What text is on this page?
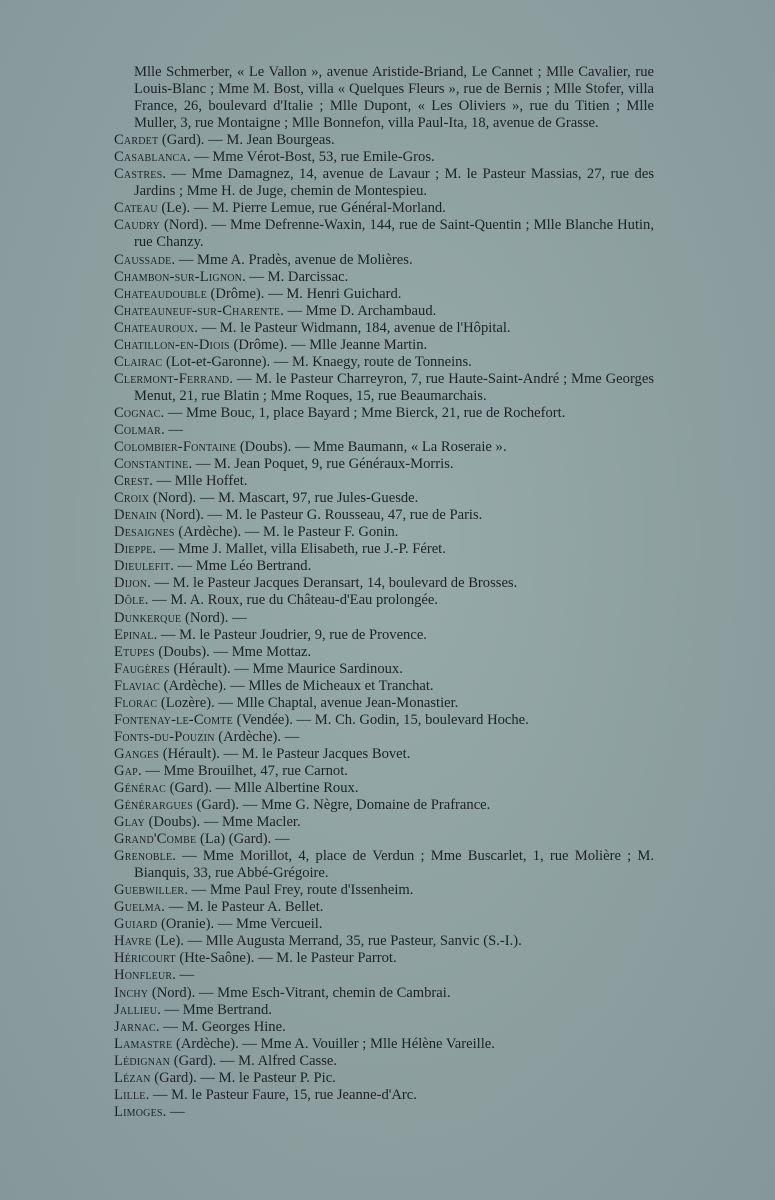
Mlle Schmerber, « Le Vallon », avenue Aristide-Briand, Le Cannet ; Mlle Cavalier, rue Louis-Blanc ; Mme M. Bost, villa « Quelques Fleurs », rue de Bernis ; Mlle Stofer, villa France, 26, boulevard d'Italie ; Mlle Dupont, « Les Oliviers », rue du Titien ; Mlle Muller, 3, rue Montaigne ; Mlle Bonnefon, villa Paul-Ita, 18, avenue de Grasse.

Cardet (Gard). — M. Jean Bourgeas.

Casablanca. — Mme Vérot-Bost, 53, rue Emile-Gros.

Castres. — Mme Damagnez, 14, avenue de Lavaur ; M. le Pasteur Massias, 27, rue des Jardins ; Mme H. de Juge, chemin de Montespieu.

Cateau (Le). — M. Pierre Lemue, rue Général-Morland.

Caudry (Nord). — Mme Defrenne-Waxin, 144, rue de Saint-Quentin ; Mlle Blanche Hutin, rue Chanzy.

Caussade. — Mme A. Pradès, avenue de Molières.

Chambon-sur-Lignon. — M. Darcissac.

Chateaudouble (Drôme). — M. Henri Guichard.

Chateauneuf-sur-Charente. — Mme D. Archambaud.

Chateauroux. — M. le Pasteur Widmann, 184, avenue de l'Hôpital.

Chatillon-en-Diois (Drôme). — Mlle Jeanne Martin.

Clairac (Lot-et-Garonne). — M. Knaegy, route de Tonneins.

Clermont-Ferrand. — M. le Pasteur Charreyron, 7, rue Haute-Saint-André ; Mme Georges Menut, 21, rue Blatin ; Mme Roques, 15, rue Beaumarchais.

Cognac. — Mme Bouc, 1, place Bayard ; Mme Bierck, 21, rue de Rochefort.

Colmar. —

Colombier-Fontaine (Doubs). — Mme Baumann, « La Roseraie ».

Constantine. — M. Jean Poquet, 9, rue Généraux-Morris.

Crest. — Mlle Hoffet.

Croix (Nord). — M. Mascart, 97, rue Jules-Guesde.

Denain (Nord). — M. le Pasteur G. Rousseau, 47, rue de Paris.

Desaignes (Ardèche). — M. le Pasteur F. Gonin.

Dieppe. — Mme J. Mallet, villa Elisabeth, rue J.-P. Féret.

Dieulefit. — Mme Léo Bertrand.

Dijon. — M. le Pasteur Jacques Deransart, 14, boulevard de Brosses.

Dôle. — M. A. Roux, rue du Château-d'Eau prolongée.

Dunkerque (Nord). —

Epinal. — M. le Pasteur Joudrier, 9, rue de Provence.

Etupes (Doubs). — Mme Mottaz.

Faugères (Hérault). — Mme Maurice Sardinoux.

Flaviac (Ardèche). — Mlles de Micheaux et Tranchat.

Florac (Lozère). — Mlle Chaptal, avenue Jean-Monastier.

Fontenay-le-Comte (Vendée). — M. Ch. Godin, 15, boulevard Hoche.

Fonts-du-Pouzin (Ardèche). —

Ganges (Hérault). — M. le Pasteur Jacques Bovet.

Gap. — Mme Brouilhet, 47, rue Carnot.

Générac (Gard). — Mlle Albertine Roux.

Générargues (Gard). — Mme G. Nègre, Domaine de Prafrance.

Glay (Doubs). — Mme Macler.

Grand'Combe (La) (Gard). —

Grenoble. — Mme Morillot, 4, place de Verdun ; Mme Buscarlet, 1, rue Molière ; M. Bianquis, 33, rue Abbé-Grégoire.

Guebwiller. — Mme Paul Frey, route d'Issenheim.

Guelma. — M. le Pasteur A. Bellet.

Guiard (Oranie). — Mme Vercueil.

Havre (Le). — Mlle Augusta Merrand, 35, rue Pasteur, Sanvic (S.-I.).

Héricourt (Hte-Saône). — M. le Pasteur Parrot.

Honfleur. —

Inchy (Nord). — Mme Esch-Vitrant, chemin de Cambrai.

Jallieu. — Mme Bertrand.

Jarnac. — M. Georges Hine.

Lamastre (Ardèche). — Mme A. Vouiller ; Mlle Hélène Vareille.

Lédignan (Gard). — M. Alfred Casse.

Lézan (Gard). — M. le Pasteur P. Pic.

Lille. — M. le Pasteur Faure, 15, rue Jeanne-d'Arc.

Limoges. —
